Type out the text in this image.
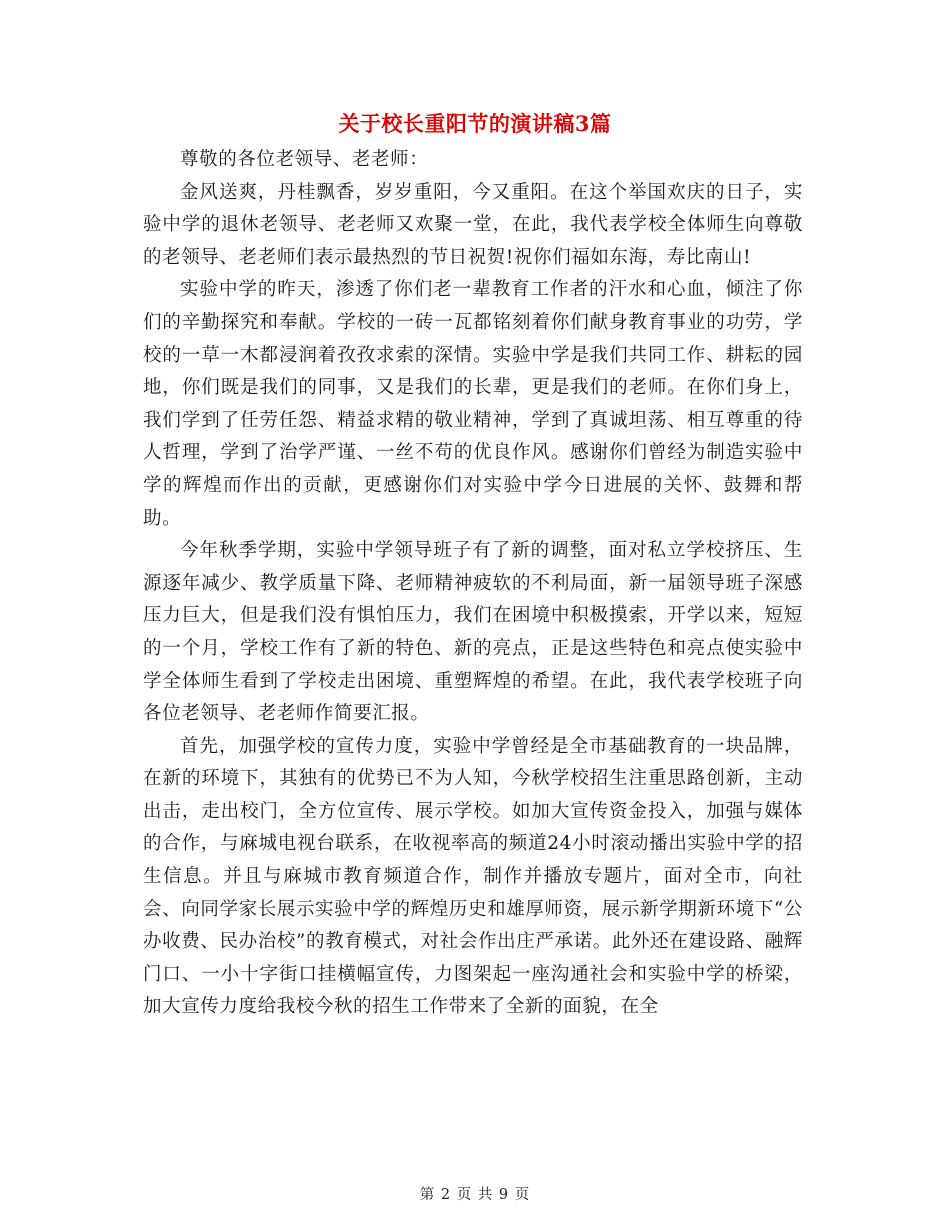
关于校长重阳节的演讲稿3篇

尊敬的各位老领导、老老师：

金风送爽，丹桂飘香，岁岁重阳，今又重阳。在这个举国欢庆的日子，实验中学的退休老领导、老老师又欢聚一堂，在此，我代表学校全体师生向尊敬的老领导、老老师们表示最热烈的节日祝贺!祝你们福如东海，寿比南山!

实验中学的昨天，渗透了你们老一辈教育工作者的汗水和心血，倾注了你们的辛勤探究和奉献。学校的一砖一瓦都铭刻着你们献身教育事业的功劳，学校的一草一木都浸润着孜孜求索的深情。实验中学是我们共同工作、耕耘的园地，你们既是我们的同事，又是我们的长辈，更是我们的老师。在你们身上，我们学到了任劳任怨、精益求精的敬业精神，学到了真诚坦荡、相互尊重的待人哲理，学到了治学严谨、一丝不苟的优良作风。感谢你们曾经为制造实验中学的辉煌而作出的贡献，更感谢你们对实验中学今日进展的关怀、鼓舞和帮助。

今年秋季学期，实验中学领导班子有了新的调整，面对私立学校挤压、生源逐年减少、教学质量下降、老师精神疲软的不利局面，新一届领导班子深感压力巨大，但是我们没有惧怕压力，我们在困境中积极摸索，开学以来，短短的一个月，学校工作有了新的特色、新的亮点，正是这些特色和亮点使实验中学全体师生看到了学校走出困境、重塑辉煌的希望。在此，我代表学校班子向各位老领导、老老师作简要汇报。

首先，加强学校的宣传力度，实验中学曾经是全市基础教育的一块品牌，在新的环境下，其独有的优势已不为人知，今秋学校招生注重思路创新，主动出击，走出校门，全方位宣传、展示学校。如加大宣传资金投入，加强与媒体的合作，与麻城电视台联系，在收视率高的频道24小时滚动播出实验中学的招生信息。并且与麻城市教育频道合作，制作并播放专题片，面对全市，向社会、向同学家长展示实验中学的辉煌历史和雄厚师资，展示新学期新环境下“公办收费、民办治校”的教育模式，对社会作出庄严承诺。此外还在建设路、融辉门口、一小十字街口挂横幅宣传，力图架起一座沟通社会和实验中学的桥梁，加大宣传力度给我校今秋的招生工作带来了全新的面貌，在全

第 2 页 共 9 页
